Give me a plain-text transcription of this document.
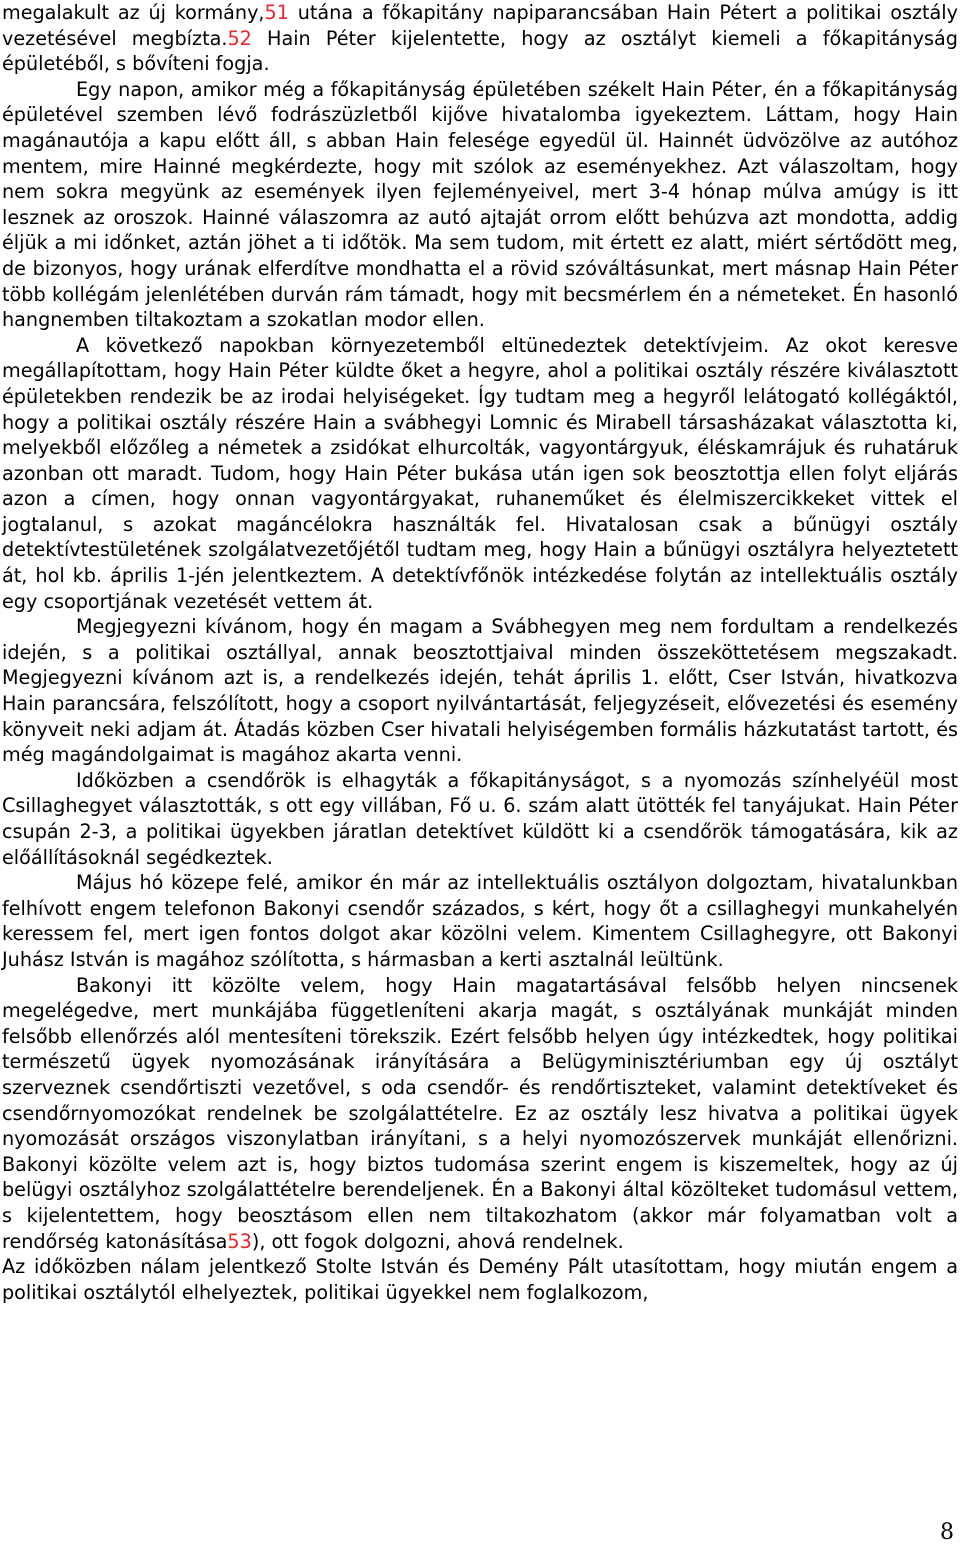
megalakult az új kormány,51 utána a főkapitány napiparancsában Hain Pétert a politikai osztály vezetésével megbízta.52 Hain Péter kijelentette, hogy az osztályt kiemeli a főkapitányság épületéből, s bővíteni fogja.

Egy napon, amikor még a főkapitányság épületében székelt Hain Péter, én a főkapitányság épületével szemben lévő fodrászüzletből kijőve hivatalomba igyekeztem. Láttam, hogy Hain magánautója a kapu előtt áll, s abban Hain felesége egyedül ül. Hainnét üdvözölve az autóhoz mentem, mire Hainné megkérdezte, hogy mit szólok az eseményekhez. Azt válaszoltam, hogy nem sokra megyünk az események ilyen fejleményeivel, mert 3-4 hónap múlva amúgy is itt lesznek az oroszok. Hainné válaszomra az autó ajtaját orrom előtt behúzva azt mondotta, addig éljük a mi időnket, aztán jöhet a ti időtök. Ma sem tudom, mit értett ez alatt, miért sértődött meg, de bizonyos, hogy urának elferdítve mondhatta el a rövid szóváltásunkat, mert másnap Hain Péter több kollégám jelenlétében durván rám támadt, hogy mit becsmérlem én a németeket. Én hasonló hangnemben tiltakoztam a szokatlan modor ellen.

A következő napokban környezetemből eltünedeztek detektívjeim. Az okot keresve megállapítottam, hogy Hain Péter küldte őket a hegyre, ahol a politikai osztály részére kiválasztott épületekben rendezik be az irodai helyiségeket. Így tudtam meg a hegyről lelátogató kollégáktól, hogy a politikai osztály részére Hain a svábhegyi Lomnic és Mirabell társasházakat választotta ki, melyekből előzőleg a németek a zsidókat elhurcolták, vagyontárgyuk, éléskamrájuk és ruhatáruk azonban ott maradt. Tudom, hogy Hain Péter bukása után igen sok beosztottja ellen folyt eljárás azon a címen, hogy onnan vagyontárgyakat, ruhaneműket és élelmiszercikkeket vittek el jogtalanul, s azokat magáncélokra használták fel. Hivatalosan csak a bűnügyi osztály detektívtestületének szolgálatvezetőjétől tudtam meg, hogy Hain a bűnügyi osztályra helyeztetett át, hol kb. április 1-jén jelentkeztem. A detektívfőnök intézkedése folytán az intellektuális osztály egy csoportjának vezetését vettem át.

Megjegyezni kívánom, hogy én magam a Svábhegyen meg nem fordultam a rendelkezés idején, s a politikai osztállyal, annak beosztottjaival minden összeköttetésem megszakadt. Megjegyezni kívánom azt is, a rendelkezés idején, tehát április 1. előtt, Cser István, hivatkozva Hain parancsára, felszólított, hogy a csoport nyilvántartását, feljegyzéseit, elővezetési és esemény könyveit neki adjam át. Átadás közben Cser hivatali helyiségemben formális házkutatást tartott, és még magándolgaimat is magához akarta venni.

Időközben a csendőrök is elhagyták a főkapitányságot, s a nyomozás színhelyéül most Csillaghegyet választották, s ott egy villában, Fő u. 6. szám alatt ütötték fel tanyájukat. Hain Péter csupán 2-3, a politikai ügyekben járatlan detektívet küldött ki a csendőrök támogatására, kik az előállításoknál segédkeztek.

Május hó közepe felé, amikor én már az intellektuális osztályon dolgoztam, hivatalunkban felhívott engem telefonon Bakonyi csendőr százados, s kért, hogy őt a csillaghegyi munkahelyén keressem fel, mert igen fontos dolgot akar közölni velem. Kimentem Csillaghegyre, ott Bakonyi Juhász István is magához szólította, s hármasban a kerti asztalnál leültünk.

Bakonyi itt közölte velem, hogy Hain magatartásával felsőbb helyen nincsenek megelégedve, mert munkájába függetleníteni akarja magát, s osztályának munkáját minden felsőbb ellenőrzés alól mentesíteni törekszik. Ezért felsőbb helyen úgy intézkedtek, hogy politikai természetű ügyek nyomozásának irányítására a Belügyminisztériumban egy új osztályt szerveznek csendőrtiszti vezetővel, s oda csendőr- és rendőrtiszteket, valamint detektíveket és csendőrnyomozókat rendelnek be szolgálattételre. Ez az osztály lesz hivatva a politikai ügyek nyomozását országos viszonylatban irányítani, s a helyi nyomozószervek munkáját ellenőrizni. Bakonyi közölte velem azt is, hogy biztos tudomása szerint engem is kiszemeltek, hogy az új belügyi osztályhoz szolgálattételre berendeljenek. Én a Bakonyi által közölteket tudomásul vettem, s kijelentettem, hogy beosztásom ellen nem tiltakozhatom (akkor már folyamatban volt a rendőrség katonásítása53), ott fogok dolgozni, ahová rendelnek.

Az időközben nálam jelentkező Stolte István és Demény Pált utasítottam, hogy miután engem a politikai osztálytól elhelyeztek, politikai ügyekkel nem foglalkozom,

8
